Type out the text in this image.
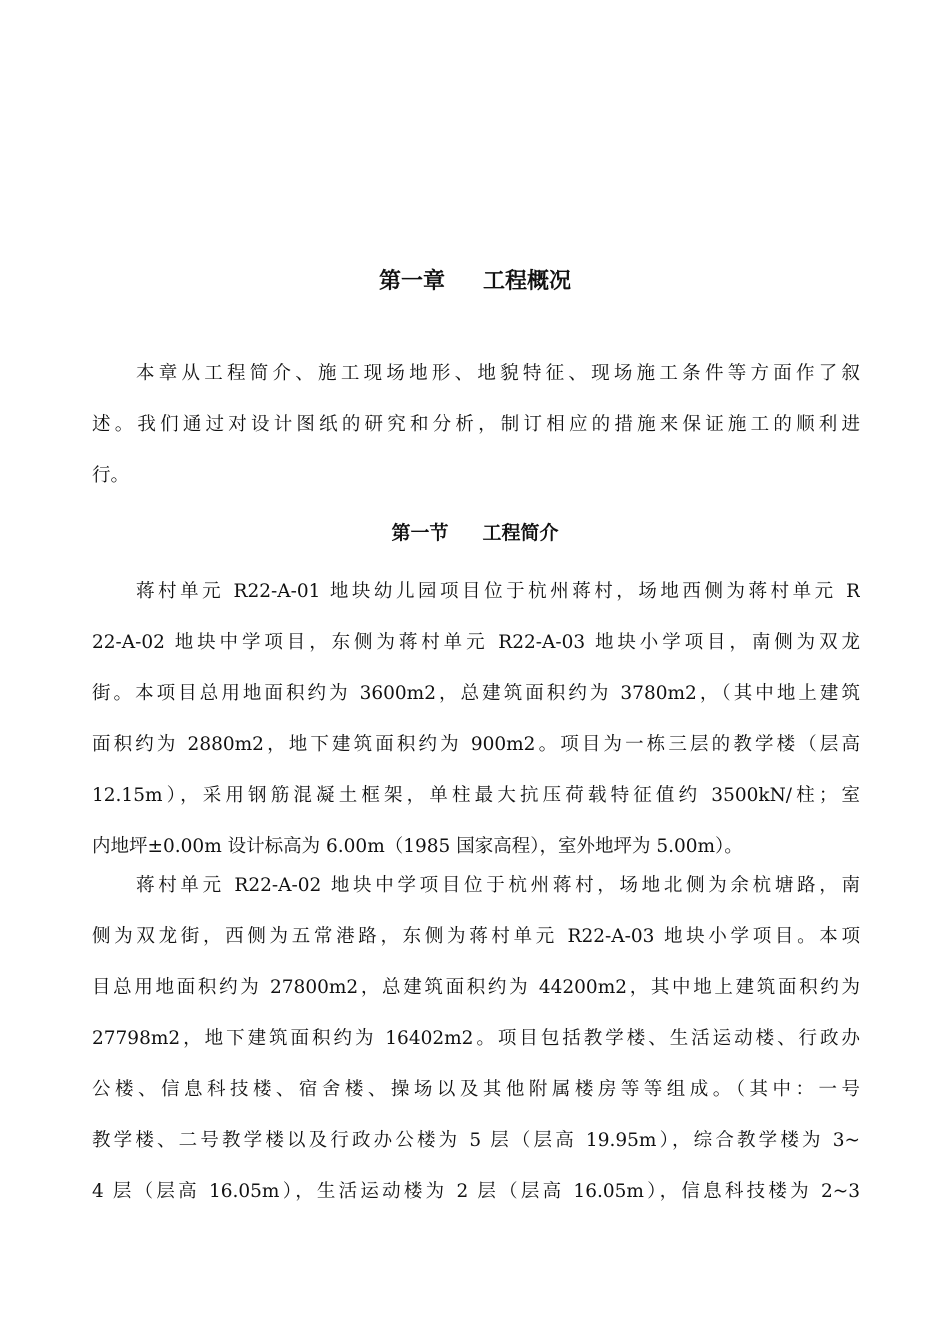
第一章 工程概况
本章从工程简介、施工现场地形、地貌特征、现场施工条件等方面作了叙
述。我们通过对设计图纸的研究和分析，制订相应的措施来保证施工的顺利进
行。
第一节 工程简介
蒋村单元 R22-A-01 地块幼儿园项目位于杭州蒋村，场地西侧为蒋村单元 R
22-A-02 地块中学项目，东侧为蒋村单元 R22-A-03 地块小学项目，南侧为双龙
街。本项目总用地面积约为 3600m2，总建筑面积约为 3780m2，（其中地上建筑
面积约为 2880m2，地下建筑面积约为 900m2。项目为一栋三层的教学楼（层高
12.15m），采用钢筋混凝土框架，单柱最大抗压荷载特征值约 3500kN/柱；室
内地坪±0.00m 设计标高为 6.00m（1985 国家高程），室外地坪为 5.00m）。
蒋村单元 R22-A-02 地块中学项目位于杭州蒋村，场地北侧为余杭塘路，南
侧为双龙街，西侧为五常港路，东侧为蒋村单元 R22-A-03 地块小学项目。本项
目总用地面积约为 27800m2，总建筑面积约为 44200m2，其中地上建筑面积约为
27798m2，地下建筑面积约为 16402m2。项目包括教学楼、生活运动楼、行政办
公楼、信息科技楼、宿舍楼、操场以及其他附属楼房等等组成。（其中：一号
教学楼、二号教学楼以及行政办公楼为 5 层（层高 19.95m），综合教学楼为 3~
4 层（层高 16.05m），生活运动楼为 2 层（层高 16.05m），信息科技楼为 2~3
